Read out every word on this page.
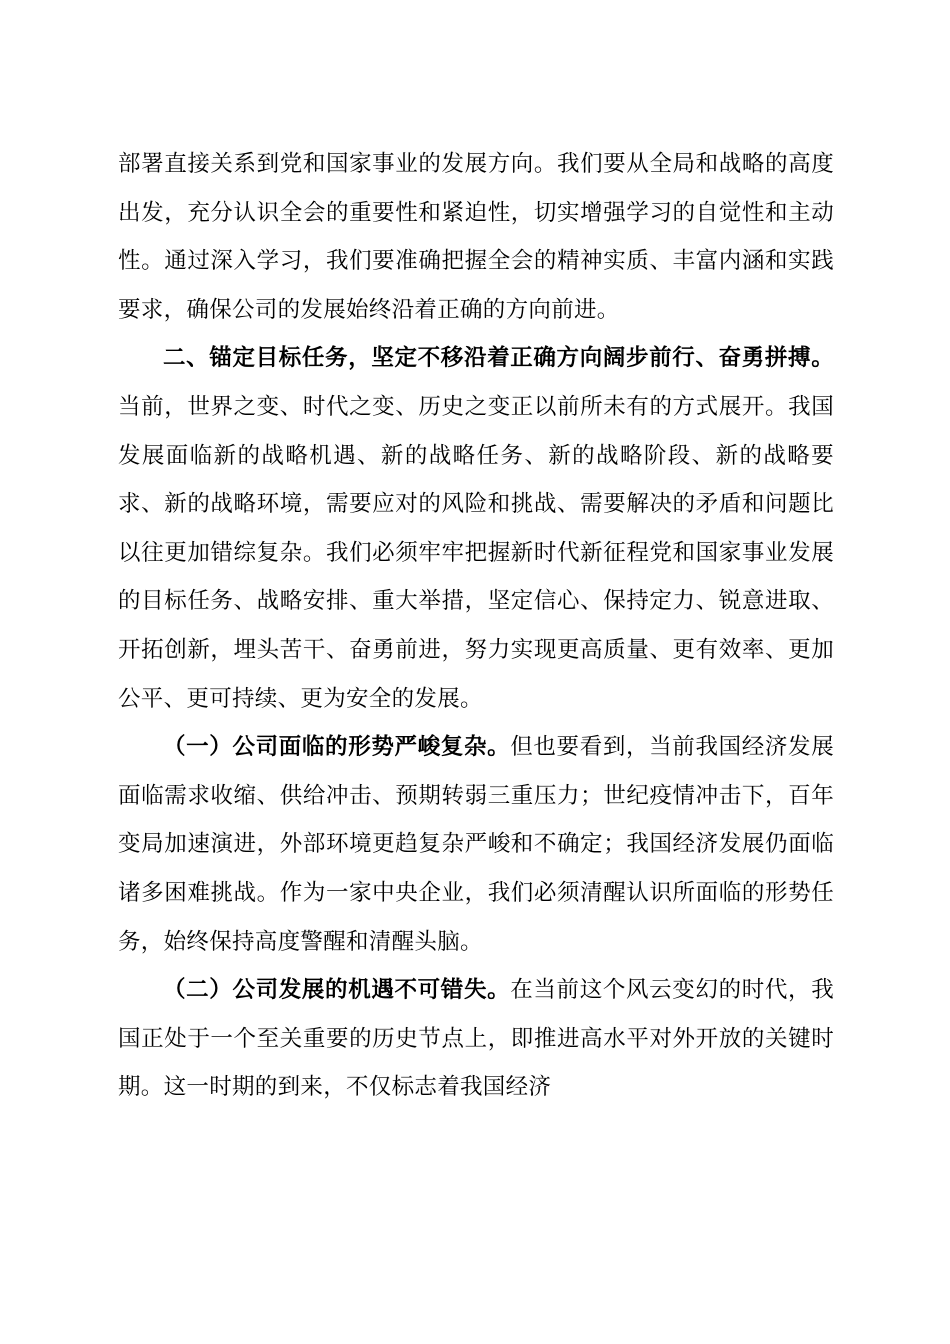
部署直接关系到党和国家事业的发展方向。我们要从全局和战略的高度出发，充分认识全会的重要性和紧迫性，切实增强学习的自觉性和主动性。通过深入学习，我们要准确把握全会的精神实质、丰富内涵和实践要求，确保公司的发展始终沿着正确的方向前进。

二、锚定目标任务，坚定不移沿着正确方向阔步前行、奋勇拼搏。当前，世界之变、时代之变、历史之变正以前所未有的方式展开。我国发展面临新的战略机遇、新的战略任务、新的战略阶段、新的战略要求、新的战略环境，需要应对的风险和挑战、需要解决的矛盾和问题比以往更加错综复杂。我们必须牢牢把握新时代新征程党和国家事业发展的目标任务、战略安排、重大举措，坚定信心、保持定力、锐意进取、开拓创新，埋头苦干、奋勇前进，努力实现更高质量、更有效率、更加公平、更可持续、更为安全的发展。

（一）公司面临的形势严峻复杂。但也要看到，当前我国经济发展面临需求收缩、供给冲击、预期转弱三重压力；世纪疫情冲击下，百年变局加速演进，外部环境更趋复杂严峻和不确定；我国经济发展仍面临诸多困难挑战。作为一家中央企业，我们必须清醒认识所面临的形势任务，始终保持高度警醒和清醒头脑。

（二）公司发展的机遇不可错失。在当前这个风云变幻的时代，我国正处于一个至关重要的历史节点上，即推进高水平对外开放的关键时期。这一时期的到来，不仅标志着我国经济
